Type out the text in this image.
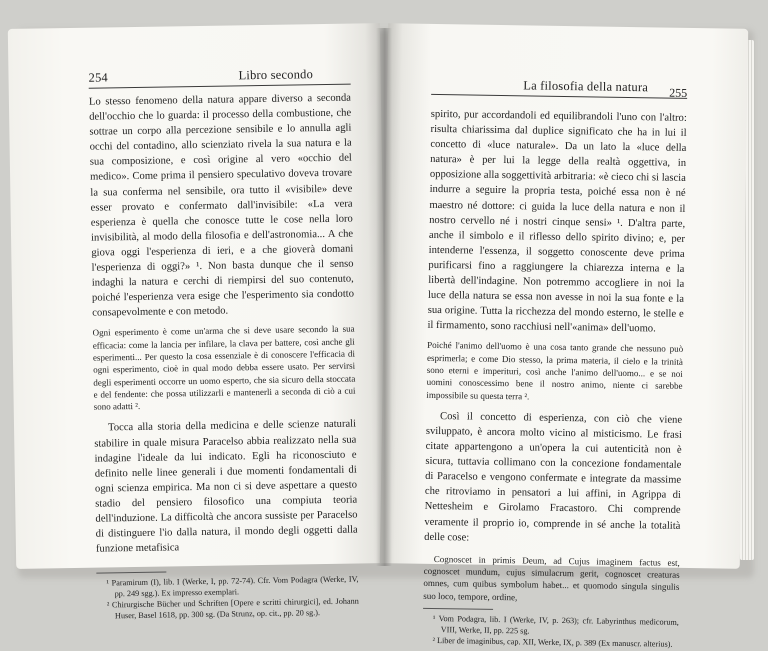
254	Libro secondo

Lo stesso fenomeno della natura appare diverso a seconda dell'occhio che lo guarda: il processo della combustione, che sottrae un corpo alla percezione sensibile e lo annulla agli occhi del contadino, allo scienziato rivela la sua natura e la sua composizione, e così origine al vero «occhio del medico». Come prima il pensiero speculativo doveva trovare la sua conferma nel sensibile, ora tutto il «visibile» deve esser provato e confermato dall'invisibile: «La vera esperienza è quella che conosce tutte le cose nella loro invisibilità, al modo della filosofia e dell'astronomia... A che giova oggi l'esperienza di ieri, e a che gioverà domani l'esperienza di oggi?» ¹. Non basta dunque che il senso indaghi la natura e cerchi di riempirsi del suo contenuto, poiché l'esperienza vera esige che l'esperimento sia condotto consapevolmente e con metodo.

Ogni esperimento è come un'arma che si deve usare secondo la sua efficacia: come la lancia per infilare, la clava per battere, così anche gli esperimenti... Per questo la cosa essenziale è di conoscere l'efficacia di ogni esperimento, cioè in qual modo debba essere usato. Per servirsi degli esperimenti occorre un uomo esperto, che sia sicuro della stoccata e del fendente: che possa utilizzarli e mantenerli a seconda di ciò a cui sono adatti ².

Tocca alla storia della medicina e delle scienze naturali stabilire in quale misura Paracelso abbia realizzato nella sua indagine l'ideale da lui indicato. Egli ha riconosciuto e definito nelle linee generali i due momenti fondamentali di ogni scienza empirica. Ma non ci si deve aspettare a questo stadio del pensiero filosofico una compiuta teoria dell'induzione. La difficoltà che ancora sussiste per Paracelso di distinguere l'io dalla natura, il mondo degli oggetti dalla funzione metafisica

¹ Paramirum (I), lib. I (Werke, I, pp. 72-74). Cfr. Vom Podagra (Werke, IV, pp. 249 sgg.). Ex impresso exemplari.
² Chirurgische Bücher und Schriften [Opere e scritti chirurgici], ed. Johann Huser, Basel 1618, pp. 300 sg. (Da Strunz, op. cit., pp. 20 sg.).
La filosofia della natura 255

spirito, pur accordandoli ed equilibrandoli l'uno con l'altro: risulta chiarissima dal duplice significato che ha in lui il concetto di «luce naturale». Da un lato la «luce della natura» è per lui la legge della realtà oggettiva, in opposizione alla soggettività arbitraria: «è cieco chi si lascia indurre a seguire la propria testa, poiché essa non è né maestro né dottore: ci guida la luce della natura e non il nostro cervello né i nostri cinque sensi» ¹. D'altra parte, anche il simbolo e il riflesso dello spirito divino; e, per intenderne l'essenza, il soggetto conoscente deve prima purificarsi fino a raggiungere la chiarezza interna e la libertà dell'indagine. Non potremmo accogliere in noi la luce della natura se essa non avesse in noi la sua fonte e la sua origine. Tutta la ricchezza del mondo esterno, le stelle e il firmamento, sono racchiusi nell'«anima» dell'uomo.

Poiché l'animo dell'uomo è una cosa tanto grande che nessuno può esprimerla; e come Dio stesso, la prima materia, il cielo e la trinità sono eterni e imperituri, così anche l'animo dell'uomo... e se noi uomini conoscessimo bene il nostro animo, niente ci sarebbe impossibile su questa terra ².

Così il concetto di esperienza, con ciò che viene sviluppato, è ancora molto vicino al misticismo. Le frasi citate appartengono a un'opera la cui autenticità non è sicura, tuttavia collimano con la concezione fondamentale di Paracelso e vengono confermate e integrate da massime che ritroviamo in pensatori a lui affini, in Agrippa di Nettesheim e Girolamo Fracastoro. Chi comprende veramente il proprio io, comprende in sé anche la totalità delle cose:

Cognoscet in primis Deum, ad Cujus imaginem factus est, cognoscet mundum, cujus simulacrum gerit, cognoscet creaturas omnes, cum quibus symbolum habet... et quomodo singula singulis suo loco, tempore, ordine,

¹ Vom Podagra, lib. I (Werke, IV, p. 263); cfr. Labyrinthus medicorum, VIII, Werke, II, pp. 225 sg.
² Liber de imaginibus, cap. XII, Werke, IX, p. 389 (Ex manuscr. alterius).
